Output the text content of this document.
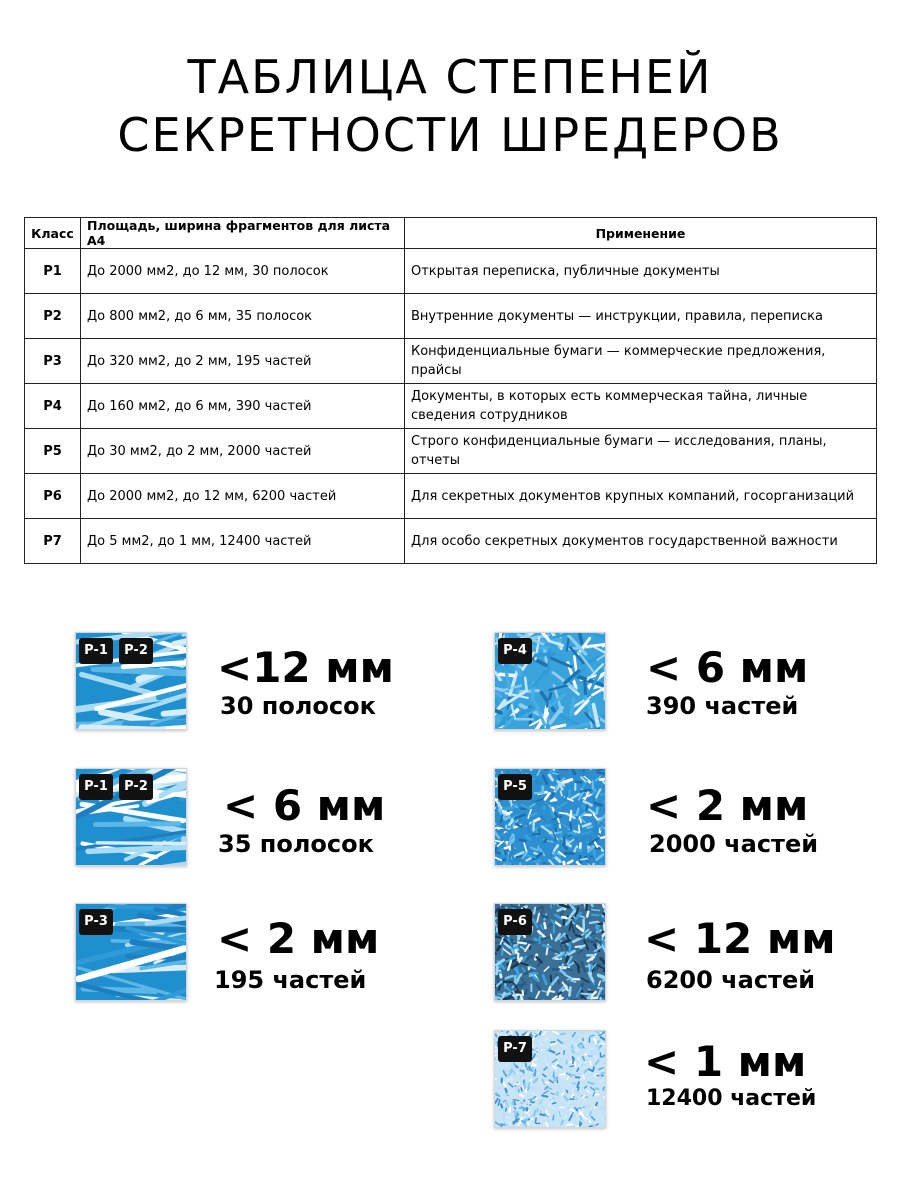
ТАБЛИЦА СТЕПЕНЕЙ
СЕКРЕТНОСТИ ШРЕДЕРОВ
Класс	Площадь, ширина фрагментов для листа А4	Применение
P1	До 2000 мм2, до 12 мм, 30 полосок	Открытая переписка, публичные документы
P2	До 800 мм2, до 6 мм, 35 полосок	Внутренние документы — инструкции, правила, переписка
P3	До 320 мм2, до 2 мм, 195 частей	Конфиденциальные бумаги — коммерческие предложения, прайсы
P4	До 160 мм2, до 6 мм, 390 частей	Документы, в которых есть коммерческая тайна, личные сведения сотрудников
P5	До 30 мм2, до 2 мм, 2000 частей	Строго конфиденциальные бумаги — исследования, планы, отчеты
P6	До 2000 мм2, до 12 мм, 6200 частей	Для секретных документов крупных компаний, госорганизаций
P7	До 5 мм2, до 1 мм, 12400 частей	Для особо секретных документов государственной важности
P-1	P-2 <12 мм
30 полосок
P-1	P-2 < 6 мм
35 полосок
P-3	< 2 мм
195 частей
P-4	< 6 мм
390 частей
P-5	< 2 мм
2000 частей
P-6	< 12 мм
6200 частей
P-7	< 1 мм
12400 частей
